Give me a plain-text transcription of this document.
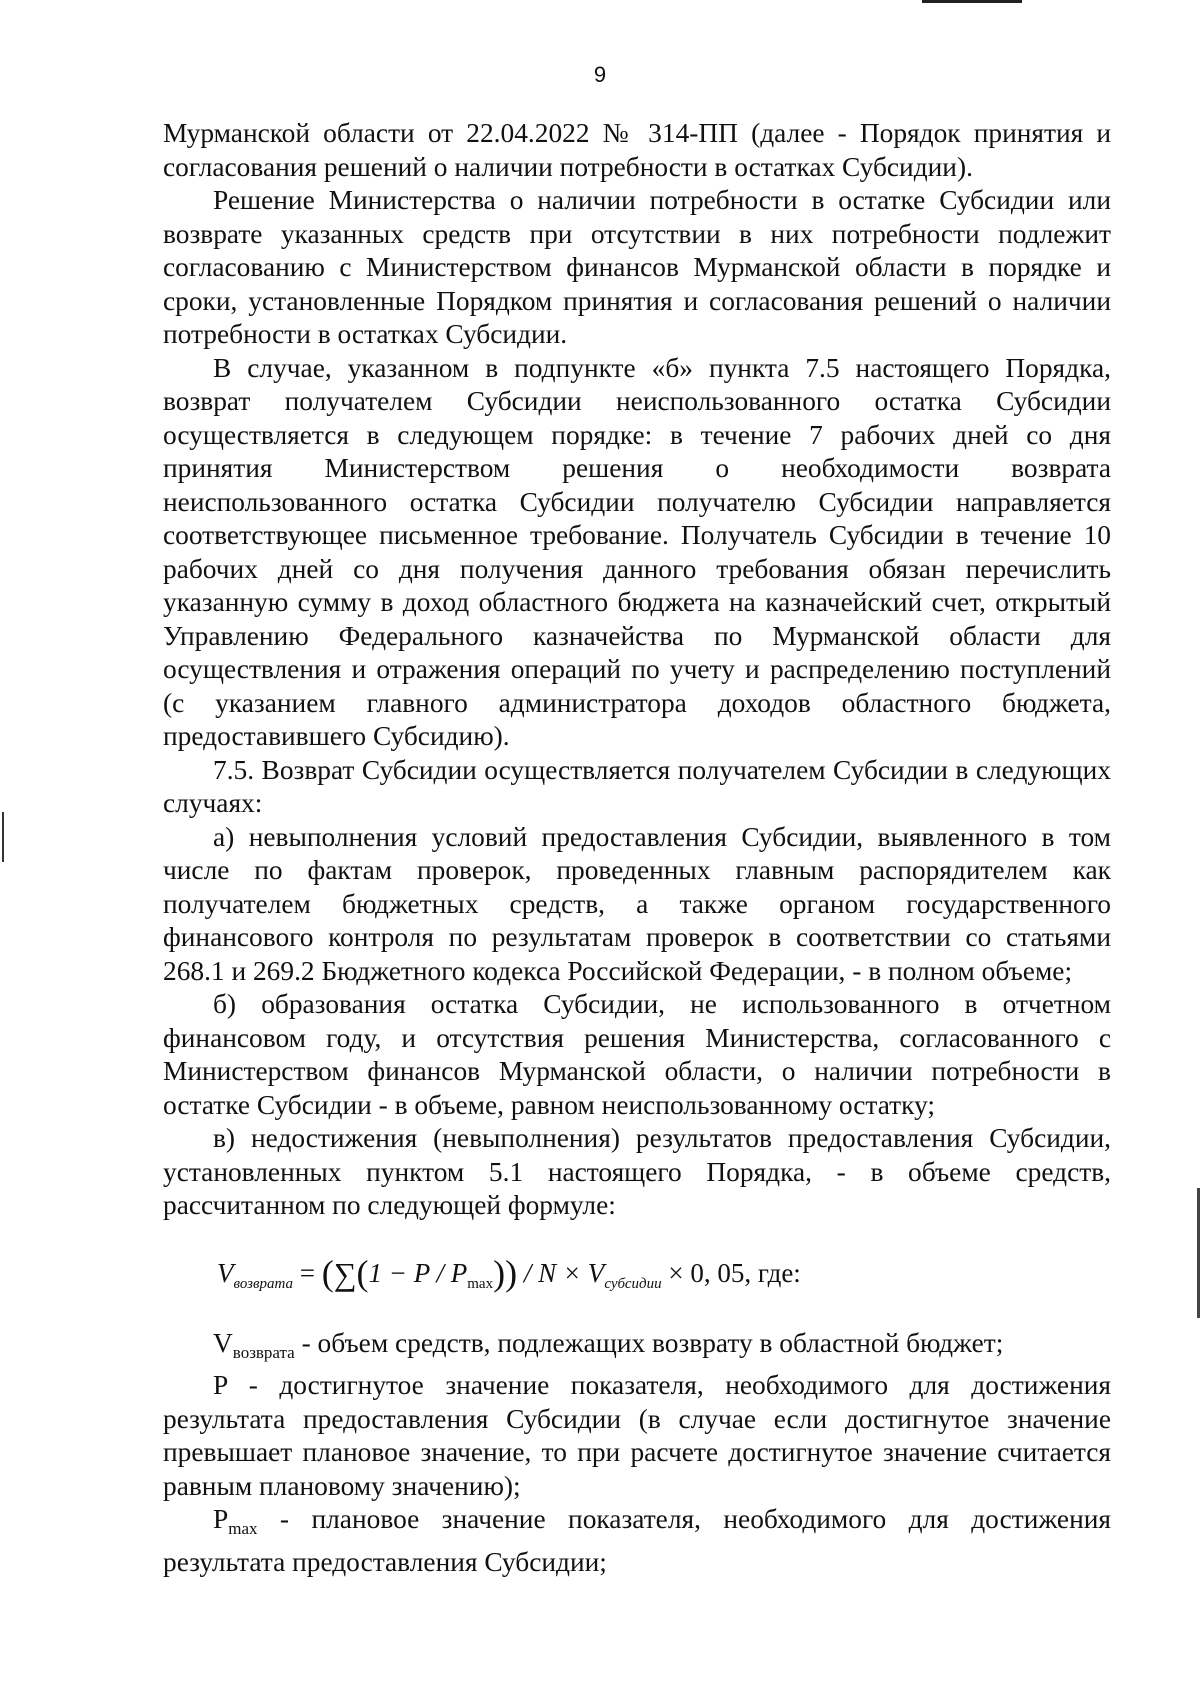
9

Мурманской области от 22.04.2022 № 314-ПП (далее - Порядок принятия и согласования решений о наличии потребности в остатках Субсидии).

Решение Министерства о наличии потребности в остатке Субсидии или возврате указанных средств при отсутствии в них потребности подлежит согласованию с Министерством финансов Мурманской области в порядке и сроки, установленные Порядком принятия и согласования решений о наличии потребности в остатках Субсидии.

В случае, указанном в подпункте «б» пункта 7.5 настоящего Порядка, возврат получателем Субсидии неиспользованного остатка Субсидии осуществляется в следующем порядке: в течение 7 рабочих дней со дня принятия Министерством решения о необходимости возврата неиспользованного остатка Субсидии получателю Субсидии направляется соответствующее письменное требование. Получатель Субсидии в течение 10 рабочих дней со дня получения данного требования обязан перечислить указанную сумму в доход областного бюджета на казначейский счет, открытый Управлению Федерального казначейства по Мурманской области для осуществления и отражения операций по учету и распределению поступлений (с указанием главного администратора доходов областного бюджета, предоставившего Субсидию).

7.5. Возврат Субсидии осуществляется получателем Субсидии в следующих случаях:

а) невыполнения условий предоставления Субсидии, выявленного в том числе по фактам проверок, проведенных главным распорядителем как получателем бюджетных средств, а также органом государственного финансового контроля по результатам проверок в соответствии со статьями 268.1 и 269.2 Бюджетного кодекса Российской Федерации, - в полном объеме;

б) образования остатка Субсидии, не использованного в отчетном финансовом году, и отсутствия решения Министерства, согласованного с Министерством финансов Мурманской области, о наличии потребности в остатке Субсидии - в объеме, равном неиспользованному остатку;

в) недостижения (невыполнения) результатов предоставления Субсидии, установленных пунктом 5.1 настоящего Порядка, - в объеме средств, рассчитанном по следующей формуле:

$V_{возврата} = (\sum(1 - P / P_{max})) / N \times V_{субсидии} \times 0$, 05, где:

$V_{возврата}$ - объем средств, подлежащих возврату в областной бюджет;

P - достигнутое значение показателя, необходимого для достижения результата предоставления Субсидии (в случае если достигнутое значение превышает плановое значение, то при расчете достигнутое значение считается равным плановому значению);

$P_{max}$ - плановое значение показателя, необходимого для достижения результата предоставления Субсидии;
